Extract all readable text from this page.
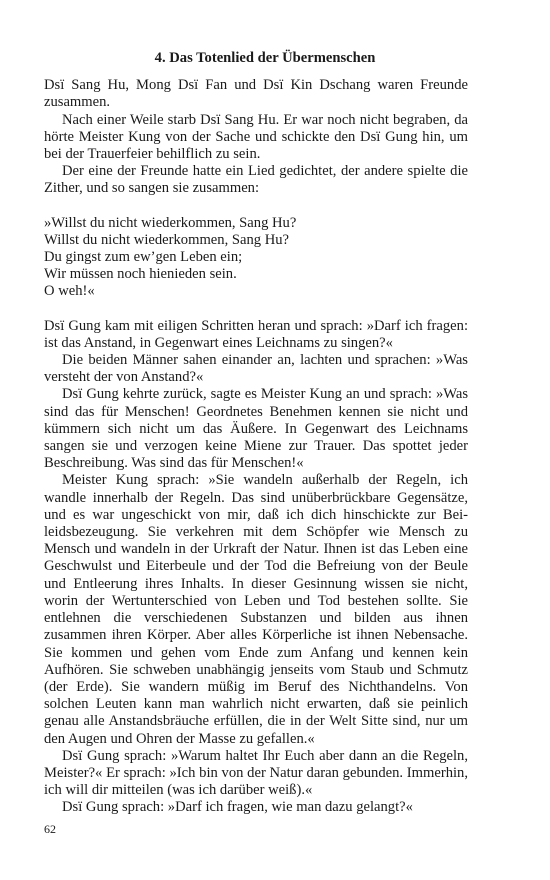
4. Das Totenlied der Übermenschen

Dsï Sang Hu, Mong Dsï Fan und Dsï Kin Dschang waren Freunde zusammen.

Nach einer Weile starb Dsï Sang Hu. Er war noch nicht begraben, da hörte Meister Kung von der Sache und schickte den Dsï Gung hin, um bei der Trauerfeier behilflich zu sein.

Der eine der Freunde hatte ein Lied gedichtet, der andere spielte die Zither, und so sangen sie zusammen:

»Willst du nicht wiederkommen, Sang Hu?
Willst du nicht wiederkommen, Sang Hu?
Du gingst zum ew’gen Leben ein;
Wir müssen noch hienieden sein.
O weh!«

Dsï Gung kam mit eiligen Schritten heran und sprach: »Darf ich fragen: ist das Anstand, in Gegenwart eines Leichnams zu singen?«

Die beiden Männer sahen einander an, lachten und sprachen: »Was versteht der von Anstand?«

Dsï Gung kehrte zurück, sagte es Meister Kung an und sprach: »Was sind das für Menschen! Geordnetes Benehmen kennen sie nicht und kümmern sich nicht um das Äußere. In Gegenwart des Leichnams sangen sie und verzogen keine Miene zur Trauer. Das spottet jeder Beschreibung. Was sind das für Menschen!«

Meister Kung sprach: »Sie wandeln außerhalb der Regeln, ich wandle innerhalb der Regeln. Das sind unüberbrückbare Gegensätze, und es war ungeschickt von mir, daß ich dich hinschickte zur Beileidsbezeugung. Sie verkehren mit dem Schöpfer wie Mensch zu Mensch und wandeln in der Urkraft der Natur. Ihnen ist das Leben eine Geschwulst und Eiterbeule und der Tod die Befreiung von der Beule und Entleerung ihres Inhalts. In dieser Gesinnung wissen sie nicht, worin der Wertunterschied von Leben und Tod bestehen sollte. Sie entlehnen die verschiedenen Substanzen und bilden aus ihnen zusammen ihren Körper. Aber alles Körperliche ist ihnen Nebensache. Sie kommen und gehen vom Ende zum Anfang und kennen kein Aufhören. Sie schweben unabhängig jenseits vom Staub und Schmutz (der Erde). Sie wandern müßig im Beruf des Nichthandelns. Von solchen Leuten kann man wahrlich nicht erwarten, daß sie peinlich genau alle Anstandsbräuche erfüllen, die in der Welt Sitte sind, nur um den Augen und Ohren der Masse zu gefallen.«

Dsï Gung sprach: »Warum haltet Ihr Euch aber dann an die Regeln, Meister?« Er sprach: »Ich bin von der Natur daran gebunden. Immerhin, ich will dir mitteilen (was ich darüber weiß).«

Dsï Gung sprach: »Darf ich fragen, wie man dazu gelangt?«

62
